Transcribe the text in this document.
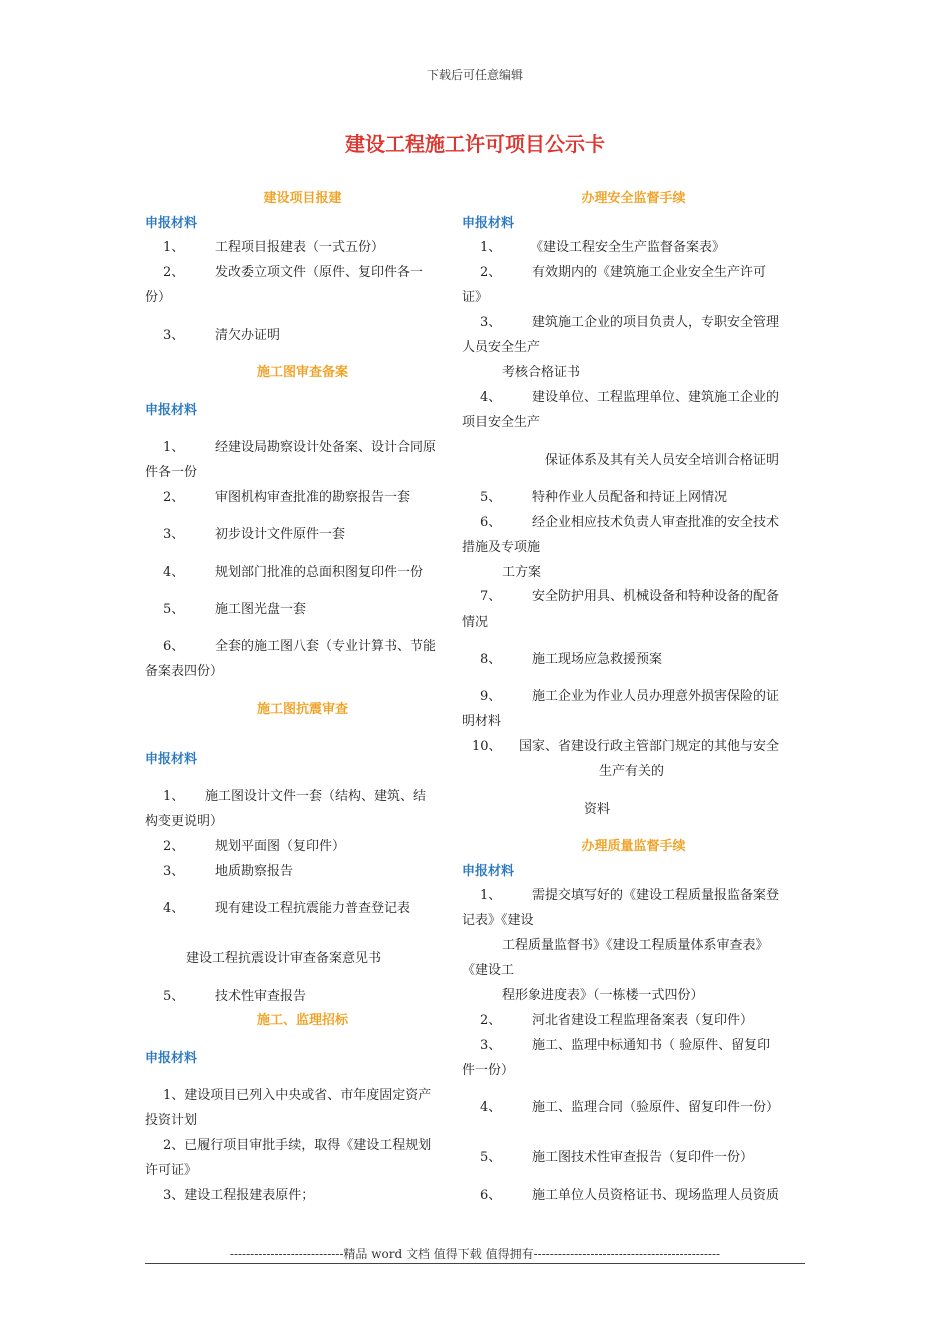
下载后可任意编辑
建设工程施工许可项目公示卡
建设项目报建
申报材料
1、 工程项目报建表（一式五份）
2、 发改委立项文件（原件、复印件各一
份）
3、 清欠办证明
施工图审查备案
申报材料
1、 经建设局勘察设计处备案、设计合同原
件各一份
2、 审图机构审查批准的勘察报告一套
3、 初步设计文件原件一套
4、 规划部门批准的总面积图复印件一份
5、 施工图光盘一套
6、 全套的施工图八套（专业计算书、节能
备案表四份）
施工图抗震审查
申报材料
1、 施工图设计文件一套（结构、建筑、结
构变更说明）
2、 规划平面图（复印件）
3、 地质勘察报告
4、 现有建设工程抗震能力普查登记表
建设工程抗震设计审查备案意见书
5、 技术性审查报告
施工、监理招标
申报材料
1、建设项目已列入中央或省、市年度固定资产
投资计划
2、已履行项目审批手续，取得《建设工程规划
许可证》
3、建设工程报建表原件；
办理安全监督手续
申报材料
1、 《建设工程安全生产监督备案表》
2、 有效期内的《建筑施工企业安全生产许可
证》
3、 建筑施工企业的项目负责人，专职安全管理
人员安全生产
考核合格证书
4、 建设单位、工程监理单位、建筑施工企业的
项目安全生产
保证体系及其有关人员安全培训合格证明
5、 特种作业人员配备和持证上网情况
6、 经企业相应技术负责人审查批准的安全技术
措施及专项施
工方案
7、 安全防护用具、机械设备和特种设备的配备
情况
8、 施工现场应急救援预案
9、 施工企业为作业人员办理意外损害保险的证
明材料
10、 国家、省建设行政主管部门规定的其他与安全
生产有关的
资料
办理质量监督手续
申报材料
1、 需提交填写好的《建设工程质量报监备案登
记表》《建设
工程质量监督书》《建设工程质量体系审查表》
《建设工
程形象进度表》（一栋楼一式四份）
2、 河北省建设工程监理备案表（复印件）
3、 施工、监理中标通知书（ 验原件、留复印
件一份）
4、 施工、监理合同（验原件、留复印件一份）
5、 施工图技术性审查报告（复印件一份）
6、 施工单位人员资格证书、现场监理人员资质
----------------------------精品 word 文档 值得下载 值得拥有----------------------------------------------
